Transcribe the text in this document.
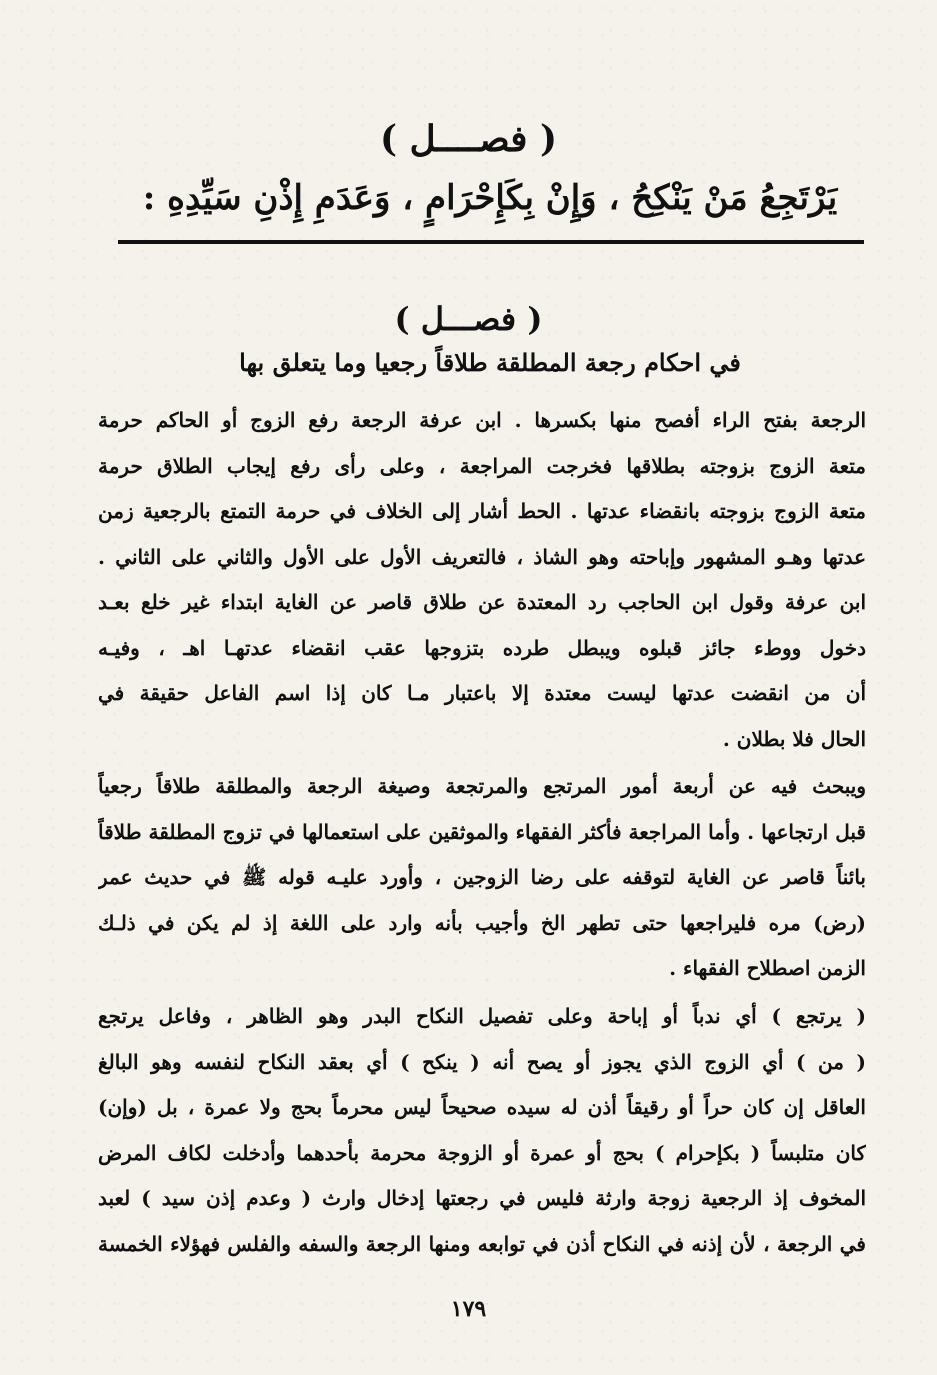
( فصــــل )
يَرْتَجِعُ مَنْ يَنْكِحُ ، وَإِنْ بِكَإِحْرَامٍ ، وَعَدَمِ إِذْنِ سَيِّدِهِ :
( فصـــل )
في احكام رجعة المطلقة طلاقاً رجعيا وما يتعلق بها
الرجعة بفتح الراء أفصح منها بكسرها . ابن عرفة الرجعة رفع الزوج أو الحاكم حرمة
متعة الزوج بزوجته بطلاقها فخرجت المراجعة ، وعلى رأى رفع إيجاب الطلاق حرمة
متعة الزوج بزوجته بانقضاء عدتها . الحط أشار إلى الخلاف في حرمة التمتع بالرجعية زمن
عدتها وهـو المشهور وإباحته وهو الشاذ ، فالتعريف الأول على الأول والثاني على الثاني .
ابن عرفة وقول ابن الحاجب رد المعتدة عن طلاق قاصر عن الغاية ابتداء غير خلع بعـد
دخول ووطء جائز قبلوه ويبطل طرده بتزوجها عقب انقضاء عدتهـا اهـ ، وفيـه
أن من انقضت عدتها ليست معتدة إلا باعتبار مـا كان إذا اسم الفاعل حقيقة في
الحال فلا بطلان .
ويبحث فيه عن أربعة أمور المرتجع والمرتجعة وصيغة الرجعة والمطلقة طلاقاً رجعياً
قبل ارتجاعها . وأما المراجعة فأكثر الفقهاء والموثقين على استعمالها في تزوج المطلقة طلاقاً
بائناً قاصر عن الغاية لتوقفه على رضا الزوجين ، وأورد عليـه قوله ﷺ في حديث عمر
(رض) مره فليراجعها حتى تطهر الخ وأجيب بأنه وارد على اللغة إذ لم يكن في ذلـك
الزمن اصطلاح الفقهاء .
( يرتجع ) أي ندباً أو إباحة وعلى تفصيل النكاح البدر وهو الظاهر ، وفاعل يرتجع
( من ) أي الزوج الذي يجوز أو يصح أنه ( ينكح ) أي بعقد النكاح لنفسه وهو البالغ
العاقل إن كان حراً أو رقيقاً أذن له سيده صحيحاً ليس محرماً بحج ولا عمرة ، بل (وإن)
كان متلبساً ( بكإحرام ) بحج أو عمرة أو الزوجة محرمة بأحدهما وأدخلت لكاف المرض
المخوف إذ الرجعية زوجة وارثة فليس في رجعتها إدخال وارث ( وعدم إذن سيد ) لعبد
في الرجعة ، لأن إذنه في النكاح أذن في توابعه ومنها الرجعة والسفه والفلس فهؤلاء الخمسة
١٧٩
